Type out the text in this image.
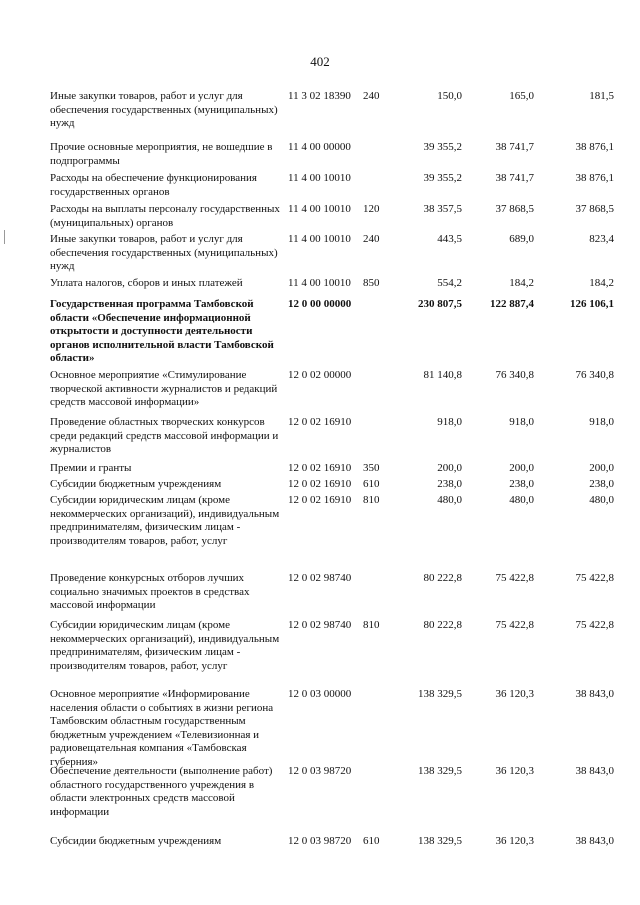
402
Иные закупки товаров, работ и услуг для обеспечения государственных (муниципальных) нужд
11 3 02 18390	240	150,0	165,0	181,5
Прочие основные мероприятия, не вошедшие в подпрограммы
11 4 00 00000	39 355,2	38 741,7	38 876,1
Расходы на обеспечение функционирования государственных органов
11 4 00 10010	39 355,2	38 741,7	38 876,1
Расходы на выплаты персоналу государственных (муниципальных) органов
11 4 00 10010	120	38 357,5	37 868,5	37 868,5
Иные закупки товаров, работ и услуг для обеспечения государственных (муниципальных) нужд
11 4 00 10010	240	443,5	689,0	823,4
Уплата налогов, сборов и иных платежей	11 4 00 10010	850	554,2	184,2	184,2
Государственная программа Тамбовской области «Обеспечение информационной открытости и доступности деятельности органов исполнительной власти Тамбовской области»
12 0 00 00000	230 807,5	122 887,4	126 106,1
Основное мероприятие «Стимулирование творческой активности журналистов и редакций средств массовой информации»
12 0 02 00000	81 140,8	76 340,8	76 340,8
Проведение областных творческих конкурсов среди редакций средств массовой информации и журналистов
12 0 02 16910	918,0	918,0	918,0
Премии и гранты	12 0 02 16910	350	200,0	200,0	200,0
Субсидии бюджетным учреждениям	12 0 02 16910	610	238,0	238,0	238,0
Субсидии юридическим лицам (кроме некоммерческих организаций), индивидуальным предпринимателям, физическим лицам - производителям товаров, работ, услуг
12 0 02 16910	810	480,0	480,0	480,0
Проведение конкурсных отборов лучших социально значимых проектов в средствах массовой информации
12 0 02 98740	80 222,8	75 422,8	75 422,8
Субсидии юридическим лицам (кроме некоммерческих организаций), индивидуальным предпринимателям, физическим лицам - производителям товаров, работ, услуг
12 0 02 98740	810	80 222,8	75 422,8	75 422,8
Основное мероприятие «Информирование населения области о событиях в жизни региона Тамбовским областным государственным бюджетным учреждением «Телевизионная и радиовещательная компания «Тамбовская губерния»
12 0 03 00000	138 329,5	36 120,3	38 843,0
Обеспечение деятельности (выполнение работ) областного государственного учреждения в области электронных средств массовой информации
12 0 03 98720	138 329,5	36 120,3	38 843,0
Субсидии бюджетным учреждениям	12 0 03 98720	610	138 329,5	36 120,3	38 843,0
